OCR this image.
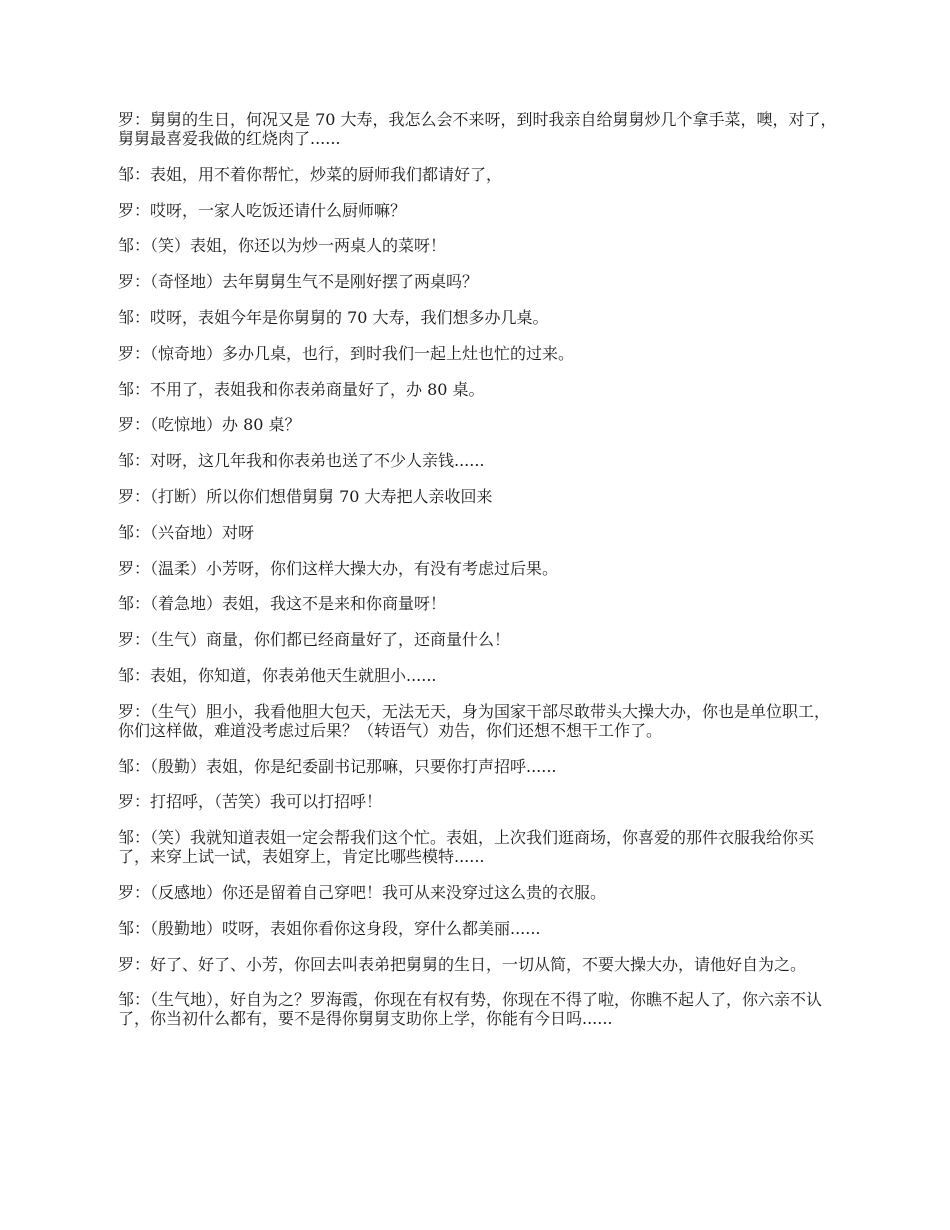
罗：舅舅的生日，何况又是 70 大寿，我怎么会不来呀，到时我亲自给舅舅炒几个拿手菜，噢，对了，舅舅最喜爱我做的红烧肉了......

邹：表姐，用不着你帮忙，炒菜的厨师我们都请好了，

罗：哎呀，一家人吃饭还请什么厨师嘛？

邹：（笑）表姐，你还以为炒一两桌人的菜呀！

罗：（奇怪地）去年舅舅生气不是刚好摆了两桌吗？

邹：哎呀，表姐今年是你舅舅的 70 大寿，我们想多办几桌。

罗：（惊奇地）多办几桌，也行，到时我们一起上灶也忙的过来。

邹：不用了，表姐我和你表弟商量好了，办 80 桌。

罗：（吃惊地）办 80 桌？

邹：对呀，这几年我和你表弟也送了不少人亲钱......

罗：（打断）所以你们想借舅舅 70 大寿把人亲收回来

邹：（兴奋地）对呀

罗：（温柔）小芳呀，你们这样大操大办，有没有考虑过后果。

邹：（着急地）表姐，我这不是来和你商量呀！

罗：（生气）商量，你们都已经商量好了，还商量什么！

邹：表姐，你知道，你表弟他天生就胆小......

罗：（生气）胆小，我看他胆大包天，无法无天，身为国家干部尽敢带头大操大办，你也是单位职工，你们这样做，难道没考虑过后果？（转语气）劝告，你们还想不想干工作了。

邹：（殷勤）表姐，你是纪委副书记那嘛，只要你打声招呼......

罗：打招呼，（苦笑）我可以打招呼！

邹：（笑）我就知道表姐一定会帮我们这个忙。表姐，上次我们逛商场，你喜爱的那件衣服我给你买了，来穿上试一试，表姐穿上，肯定比哪些模特......

罗：（反感地）你还是留着自己穿吧！我可从来没穿过这么贵的衣服。

邹：（殷勤地）哎呀，表姐你看你这身段，穿什么都美丽......

罗：好了、好了、小芳，你回去叫表弟把舅舅的生日，一切从简，不要大操大办，请他好自为之。

邹：（生气地），好自为之？罗海霞，你现在有权有势，你现在不得了啦，你瞧不起人了，你六亲不认了，你当初什么都有，要不是得你舅舅支助你上学，你能有今日吗......
